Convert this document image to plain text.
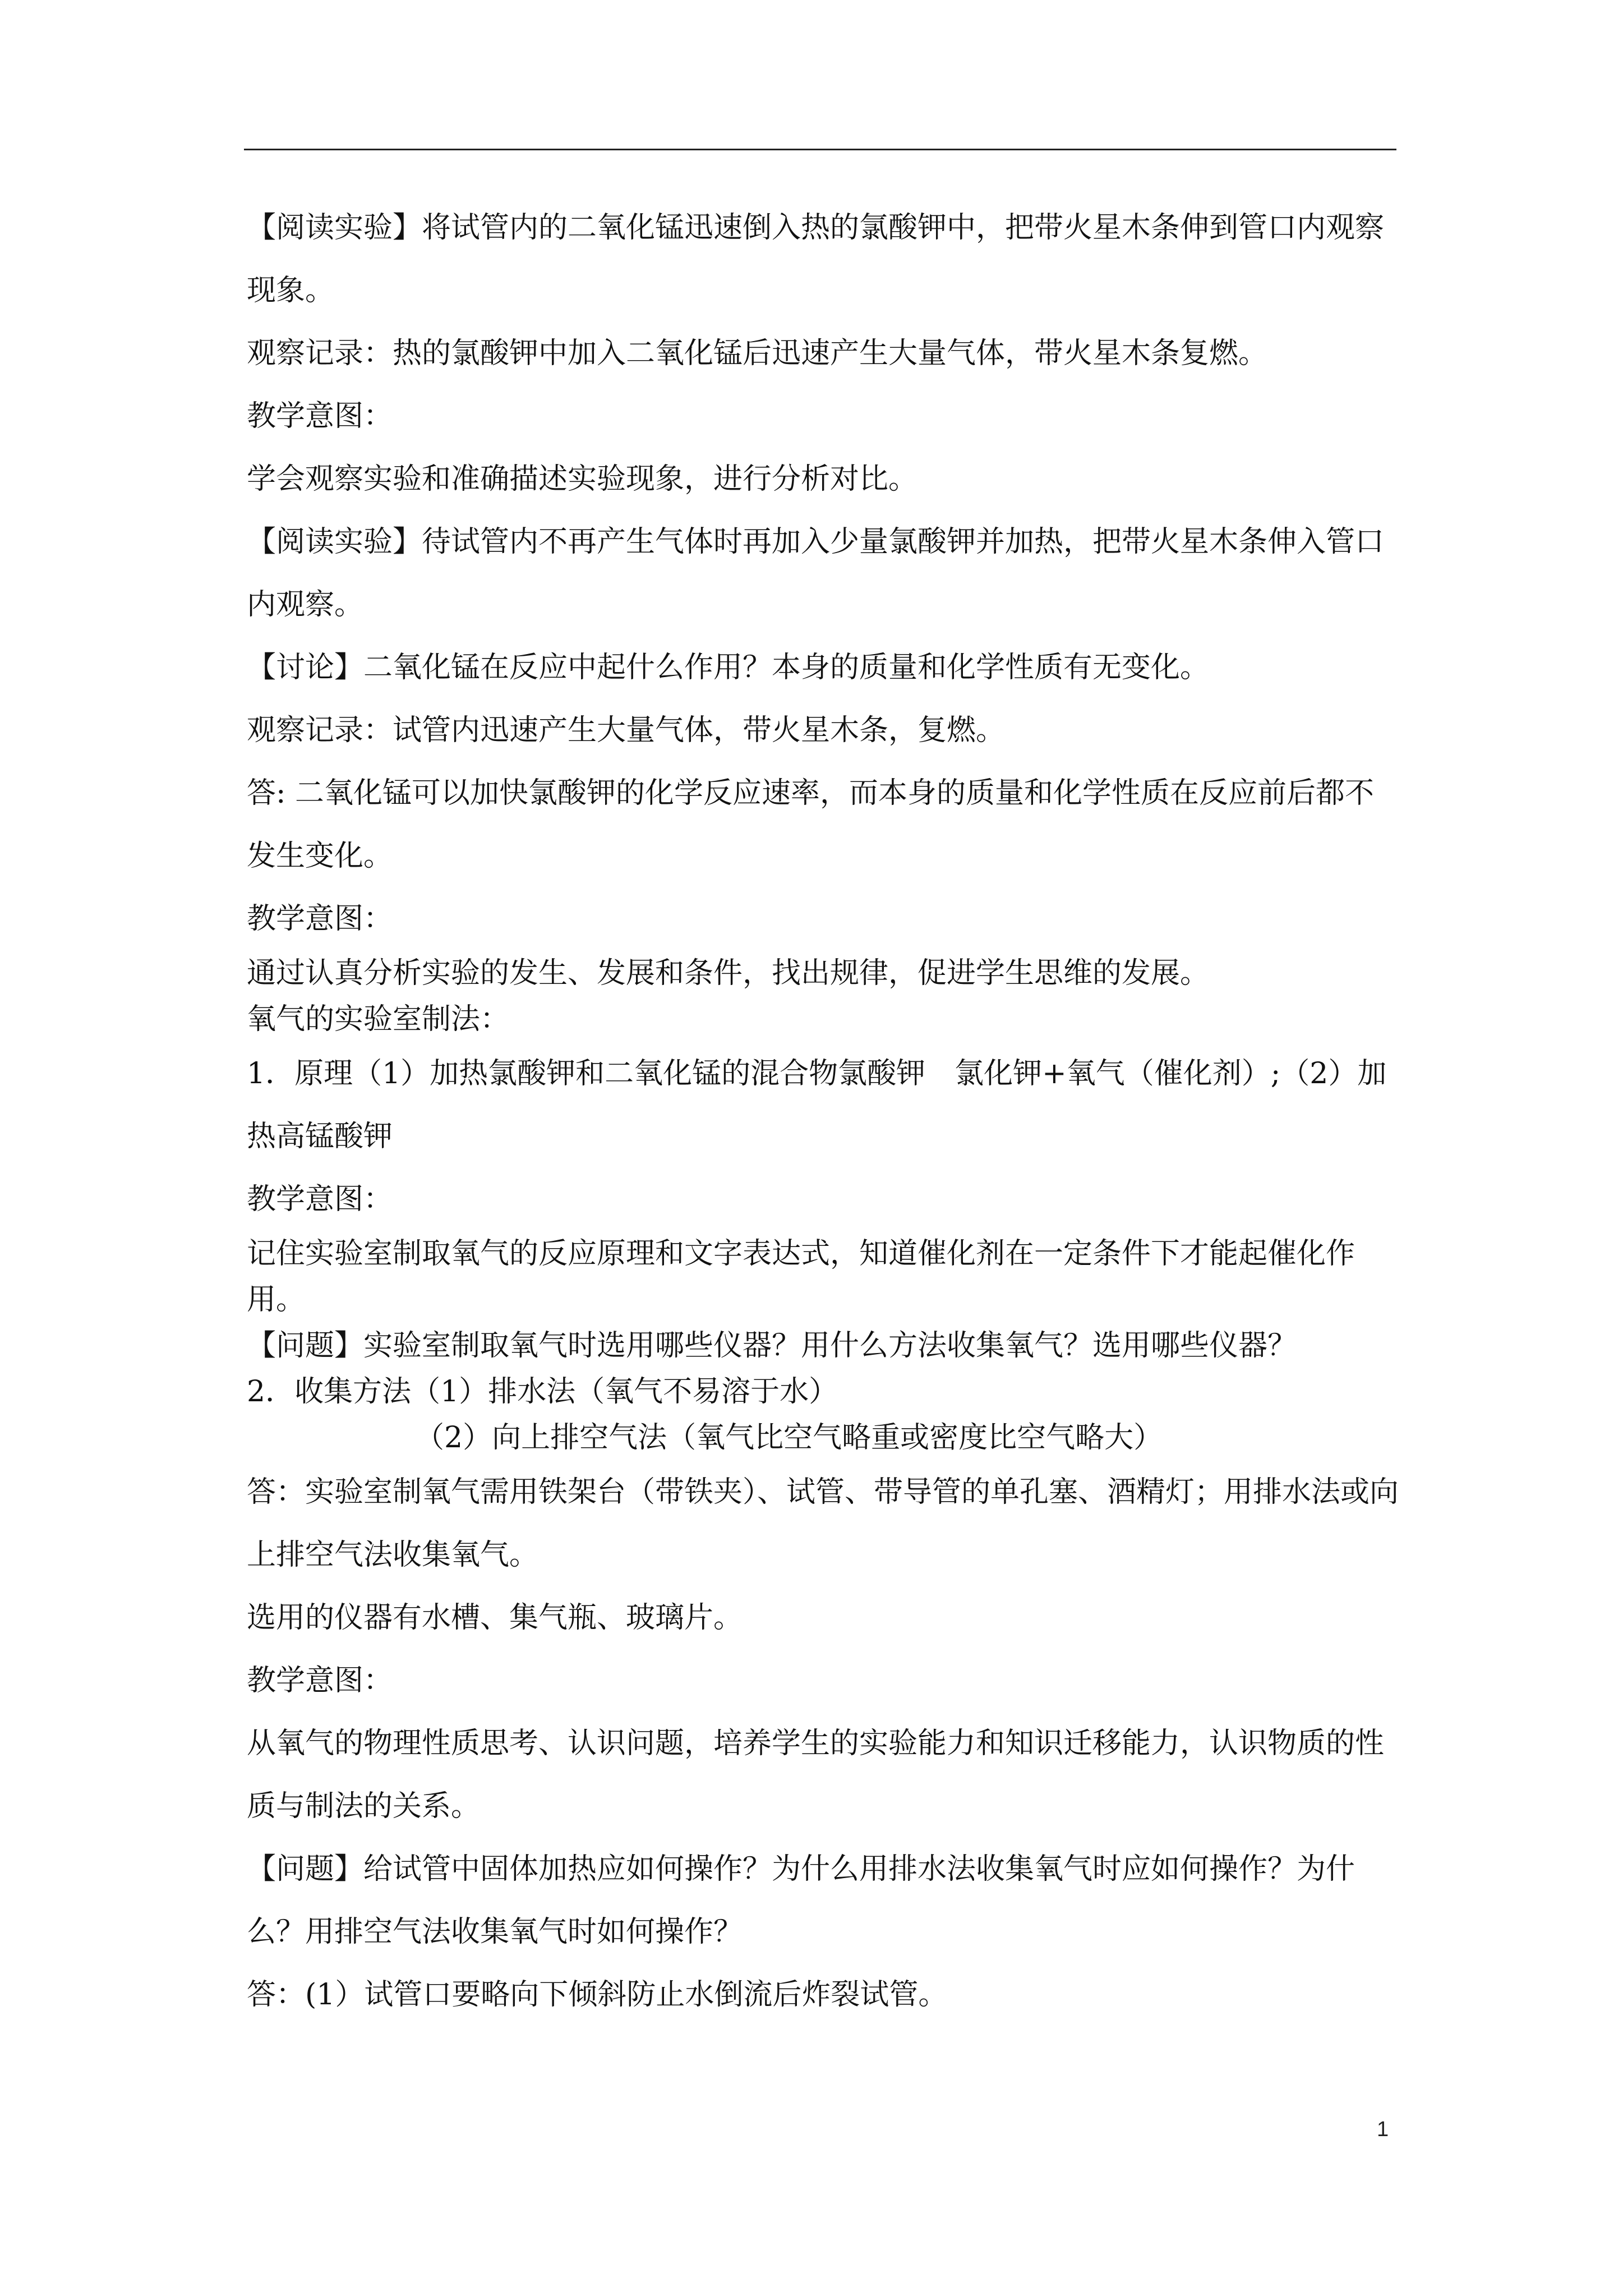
【阅读实验】将试管内的二氧化锰迅速倒入热的氯酸钾中，把带火星木条伸到管口内观察现象。

观察记录：热的氯酸钾中加入二氧化锰后迅速产生大量气体，带火星木条复燃。

教学意图：

学会观察实验和准确描述实验现象，进行分析对比。

【阅读实验】待试管内不再产生气体时再加入少量氯酸钾并加热，把带火星木条伸入管口内观察。

【讨论】二氧化锰在反应中起什么作用？本身的质量和化学性质有无变化。

观察记录：试管内迅速产生大量气体，带火星木条，复燃。

答: 二氧化锰可以加快氯酸钾的化学反应速率，而本身的质量和化学性质在反应前后都不发生变化。

教学意图：

通过认真分析实验的发生、发展和条件，找出规律，促进学生思维的发展。

氧气的实验室制法：

1．原理（1）加热氯酸钾和二氧化锰的混合物氯酸钾　氯化钾+氧气（催化剂）;（2）加热高锰酸钾

教学意图：

记住实验室制取氧气的反应原理和文字表达式，知道催化剂在一定条件下才能起催化作用。

【问题】实验室制取氧气时选用哪些仪器？用什么方法收集氧气？选用哪些仪器？

2．收集方法（1）排水法（氧气不易溶于水）

（2）向上排空气法（氧气比空气略重或密度比空气略大）

答：实验室制氧气需用铁架台（带铁夹）、试管、带导管的单孔塞、酒精灯；用排水法或向上排空气法收集氧气。

选用的仪器有水槽、集气瓶、玻璃片。

教学意图：

从氧气的物理性质思考、认识问题，培养学生的实验能力和知识迁移能力，认识物质的性质与制法的关系。

【问题】给试管中固体加热应如何操作？为什么用排水法收集氧气时应如何操作？为什么？用排空气法收集氧气时如何操作？

答：(1）试管口要略向下倾斜防止水倒流后炸裂试管。

1
